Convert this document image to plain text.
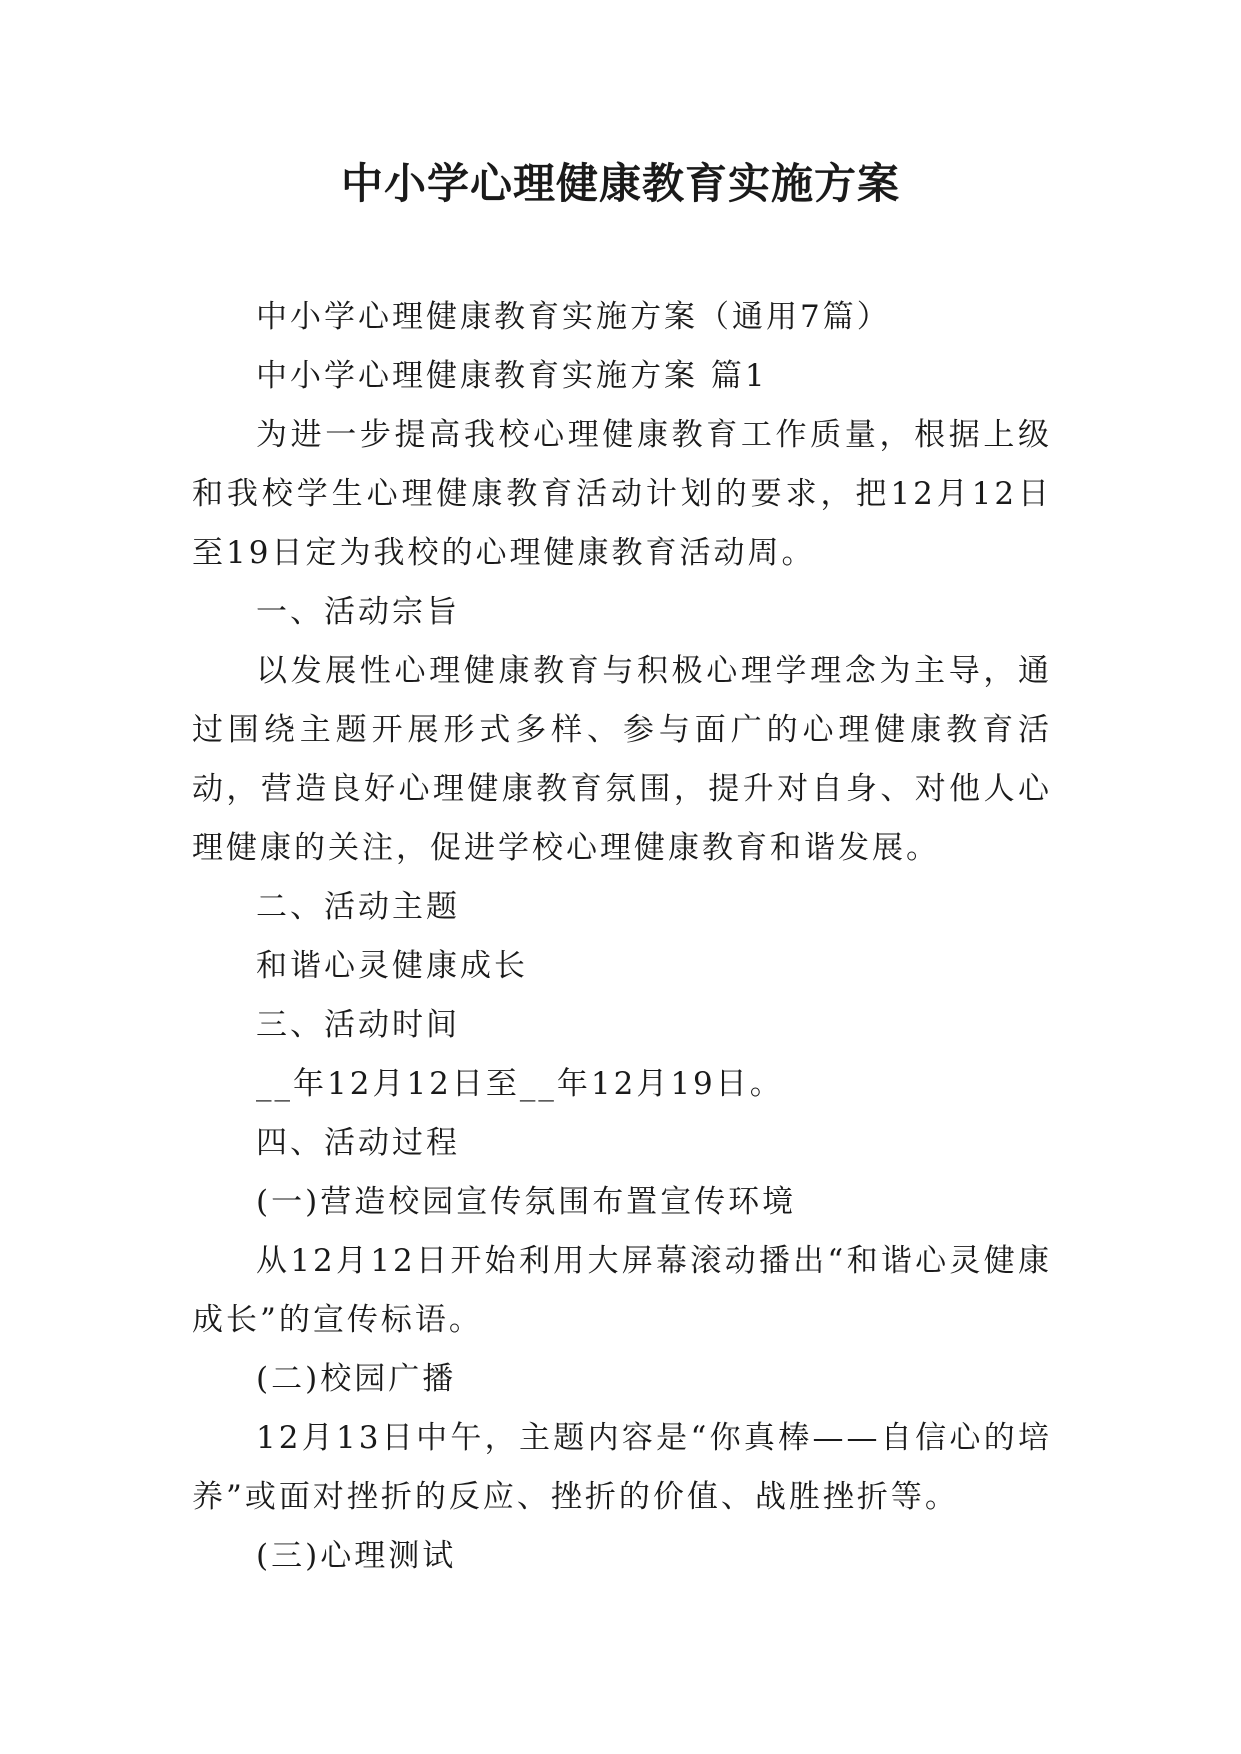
中小学心理健康教育实施方案

中小学心理健康教育实施方案（通用7篇）

中小学心理健康教育实施方案 篇1

为进一步提高我校心理健康教育工作质量，根据上级和我校学生心理健康教育活动计划的要求，把12月12日至19日定为我校的心理健康教育活动周。

一、活动宗旨

以发展性心理健康教育与积极心理学理念为主导，通过围绕主题开展形式多样、参与面广的心理健康教育活动，营造良好心理健康教育氛围，提升对自身、对他人心理健康的关注，促进学校心理健康教育和谐发展。

二、活动主题

和谐心灵健康成长

三、活动时间

__年12月12日至__年12月19日。

四、活动过程

(一)营造校园宣传氛围布置宣传环境

从12月12日开始利用大屏幕滚动播出“和谐心灵健康成长”的宣传标语。

(二)校园广播

12月13日中午，主题内容是“你真棒——自信心的培养”或面对挫折的反应、挫折的价值、战胜挫折等。

(三)心理测试
